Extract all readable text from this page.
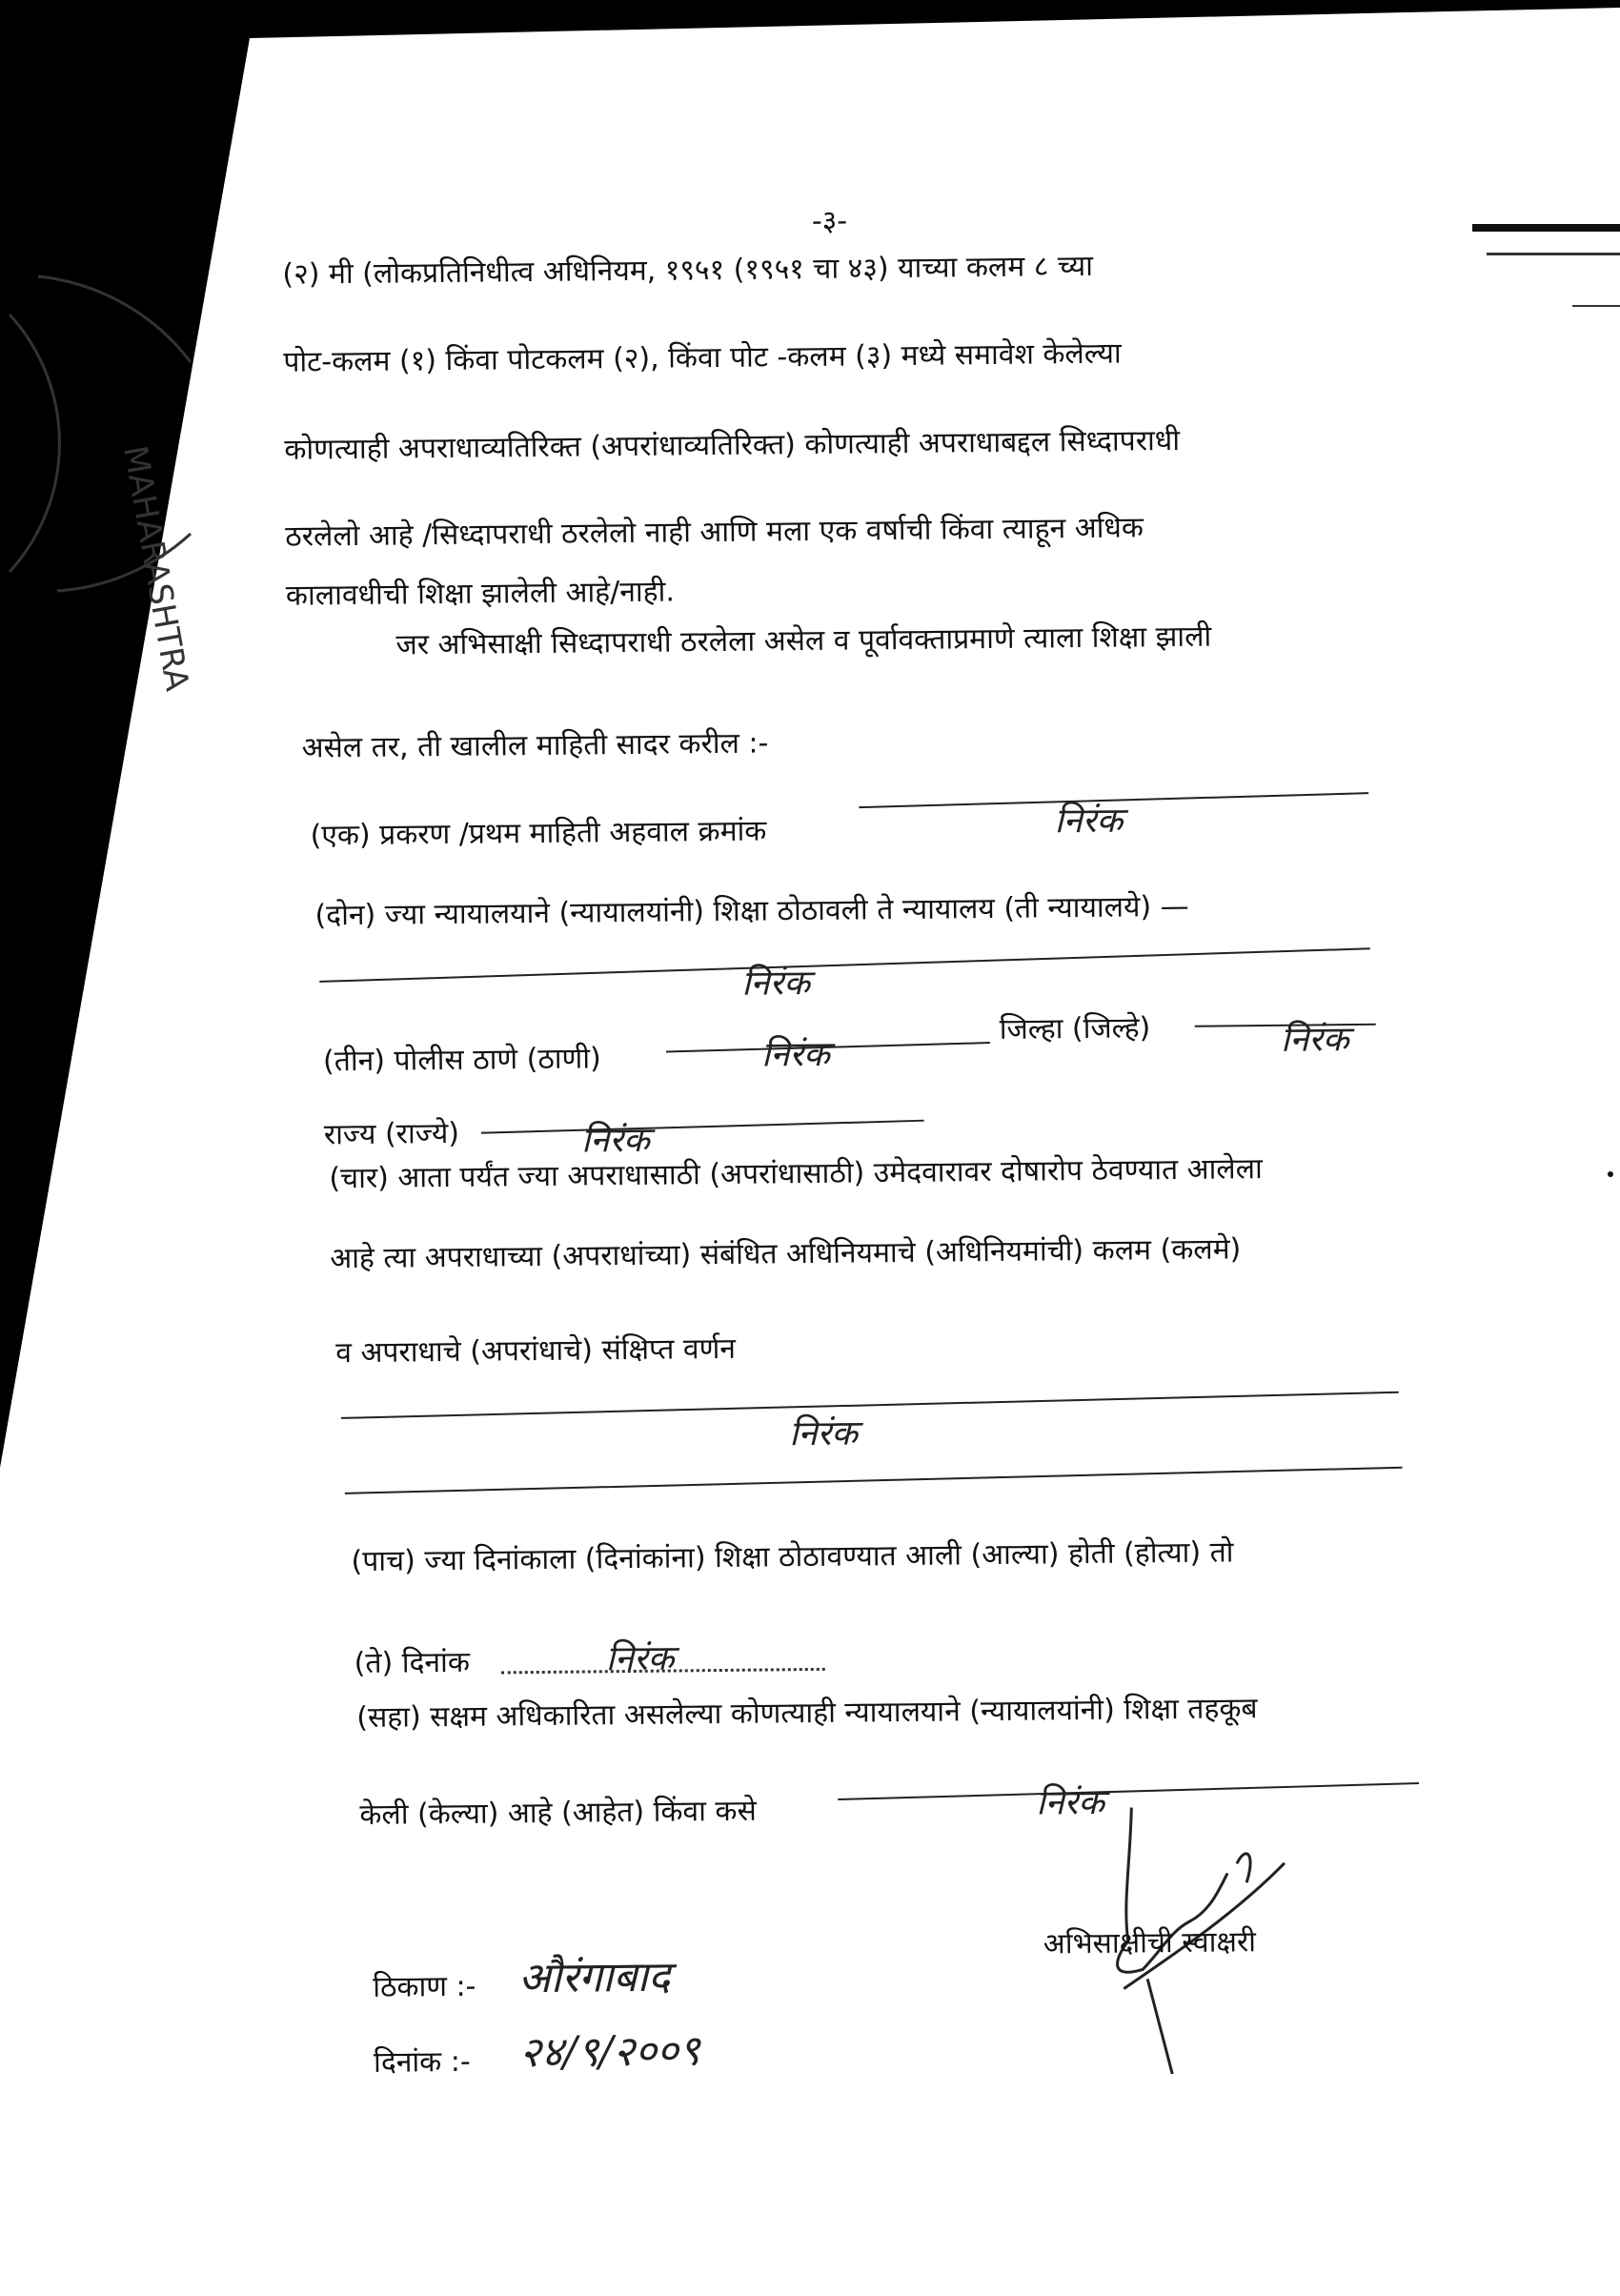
MAHARASHTRA
-३-
(२) मी (लोकप्रतिनिधीत्व अधिनियम, १९५१ (१९५१ चा ४३) याच्या कलम ८ च्या
पोट-कलम (१) किंवा पोटकलम (२), किंवा पोट -कलम (३) मध्ये समावेश केलेल्या
कोणत्याही अपराधाव्यतिरिक्त (अपरांधाव्यतिरिक्त) कोणत्याही अपराधाबद्दल सिध्दापराधी
ठरलेलो आहे /सिध्दापराधी ठरलेलो नाही आणि मला एक वर्षाची किंवा त्याहून अधिक
कालावधीची शिक्षा झालेली आहे/नाही.
जर अभिसाक्षी सिध्दापराधी ठरलेला असेल व पूर्वावक्ताप्रमाणे त्याला शिक्षा झाली
असेल तर, ती खालील माहिती सादर करील :-
(एक) प्रकरण /प्रथम माहिती अहवाल क्रमांक	निरंक
(दोन) ज्या न्यायालयाने (न्यायालयांनी) शिक्षा ठोठावली ते न्यायालय (ती न्यायालये) —
निरंक
(तीन) पोलीस ठाणे (ठाणी)	निरंक
जिल्हा (जिल्हे)	निरंक
राज्य (राज्ये)	निरंक
(चार) आता पर्यंत ज्या अपराधासाठी (अपरांधासाठी) उमेदवारावर दोषारोप ठेवण्यात आलेला
आहे त्या अपराधाच्या (अपराधांच्या) संबंधित अधिनियमाचे (अधिनियमांची) कलम (कलमे)
व अपराधाचे (अपरांधाचे) संक्षिप्त वर्णन
निरंक
(पाच) ज्या दिनांकाला (दिनांकांना) शिक्षा ठोठावण्यात आली (आल्या) होती (होत्या) तो
(ते) दिनांक	निरंक
(सहा) सक्षम अधिकारिता असलेल्या कोणत्याही न्यायालयाने (न्यायालयांनी) शिक्षा तहकूब
केली (केल्या) आहे (आहेत) किंवा कसे	निरंक
अभिसाक्षीची स्वाक्षरी
ठिकाण :- औरंगाबाद
दिनांक :- २४/९/२००९
